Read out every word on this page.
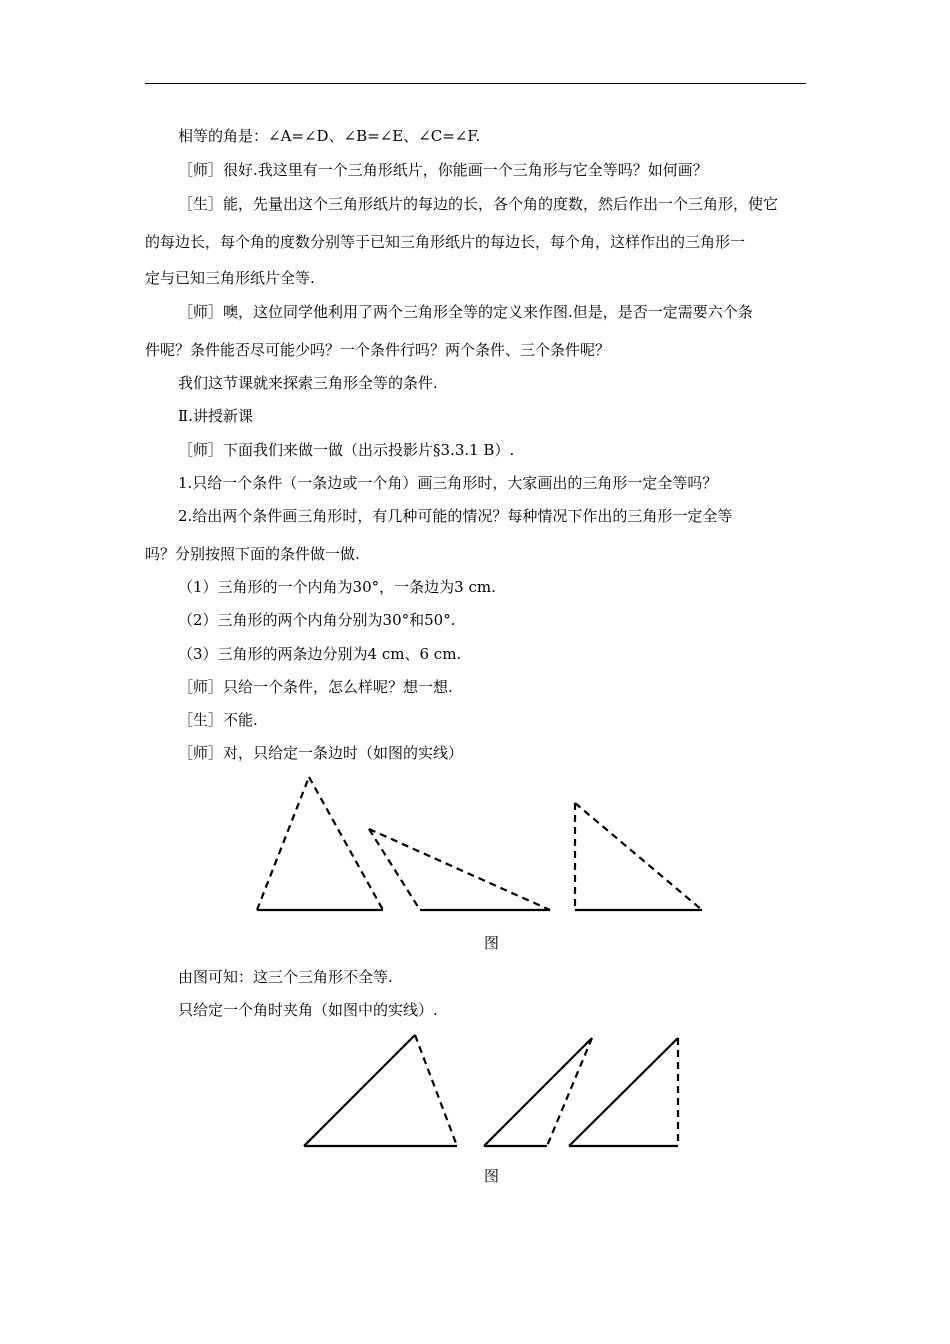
相等的角是：∠A=∠D、∠B=∠E、∠C=∠F.
［师］很好.我这里有一个三角形纸片，你能画一个三角形与它全等吗？如何画？
［生］能，先量出这个三角形纸片的每边的长，各个角的度数，然后作出一个三角形，使它
的每边长，每个角的度数分别等于已知三角形纸片的每边长，每个角，这样作出的三角形一
定与已知三角形纸片全等.
［师］噢，这位同学他利用了两个三角形全等的定义来作图.但是，是否一定需要六个条
件呢？条件能否尽可能少吗？一个条件行吗？两个条件、三个条件呢？
我们这节课就来探索三角形全等的条件.
Ⅱ.讲授新课
［师］下面我们来做一做（出示投影片§3.3.1 B）.
1.只给一个条件（一条边或一个角）画三角形时，大家画出的三角形一定全等吗？
2.给出两个条件画三角形时，有几种可能的情况？每种情况下作出的三角形一定全等
吗？分别按照下面的条件做一做.
（1）三角形的一个内角为30°，一条边为3 cm.
（2）三角形的两个内角分别为30°和50°.
（3）三角形的两条边分别为4 cm、6 cm.
［师］只给一个条件，怎么样呢？想一想.
［生］不能.
［师］对，只给定一条边时（如图的实线）
图
由图可知：这三个三角形不全等.
只给定一个角时夹角（如图中的实线）.
图
